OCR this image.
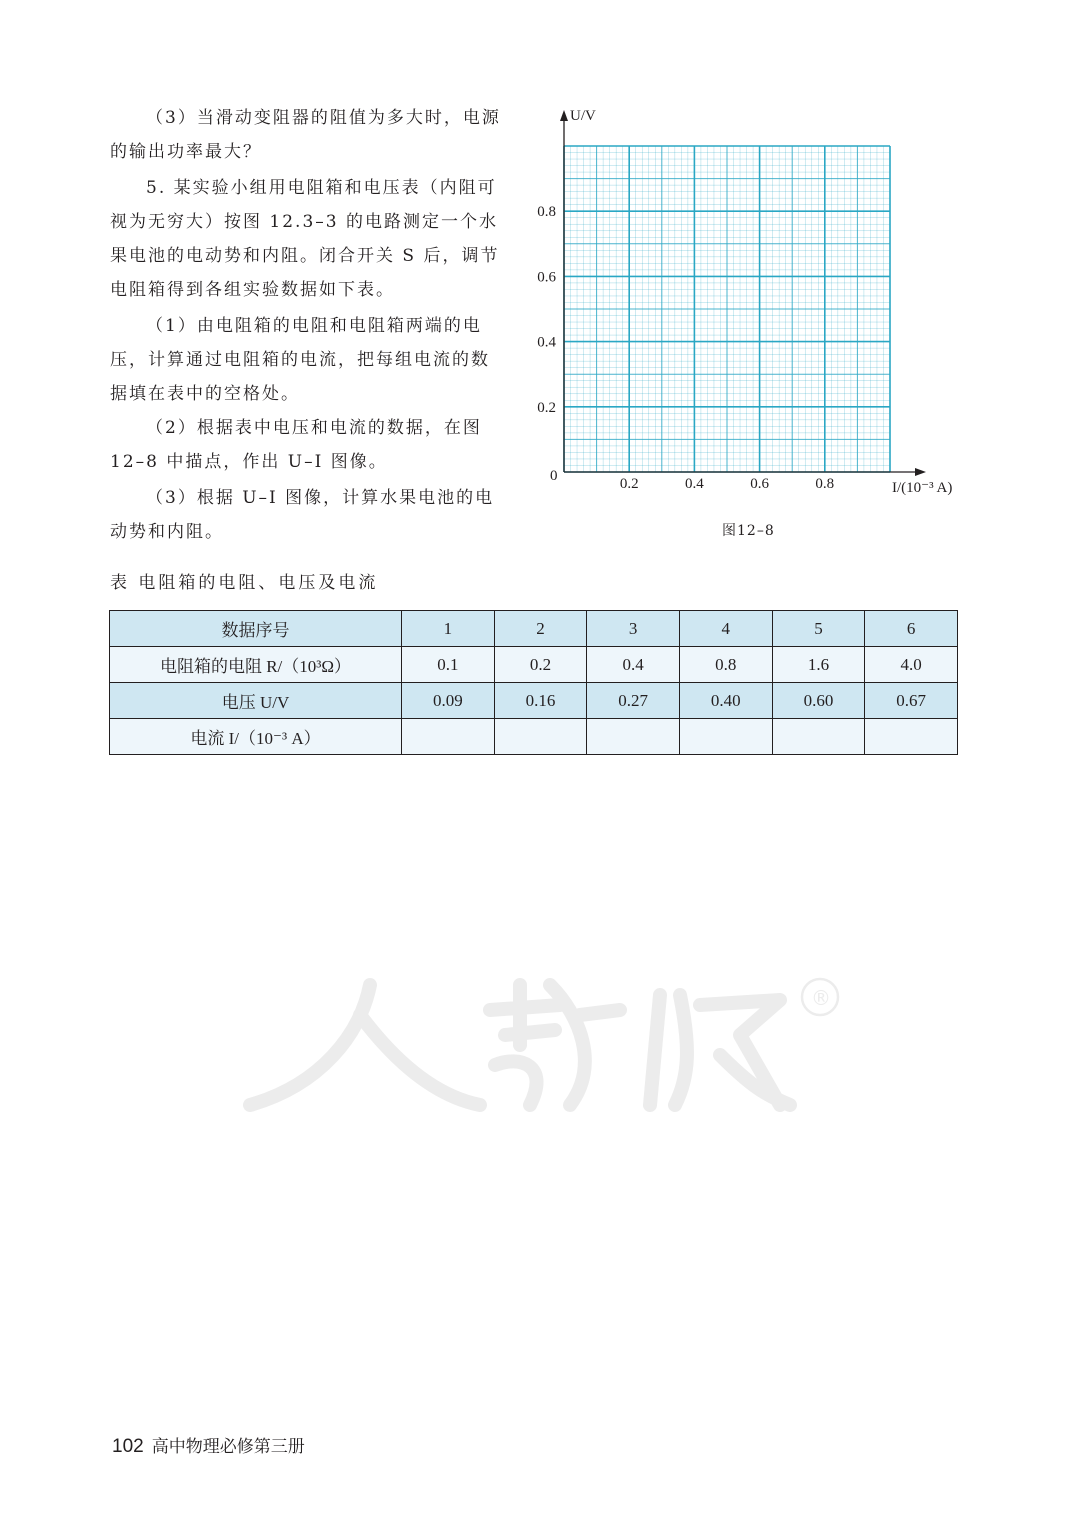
（3）当滑动变阻器的阻值为多大时，电源的输出功率最大？

5. 某实验小组用电阻箱和电压表（内阻可视为无穷大）按图 12.3–3 的电路测定一个水果电池的电动势和内阻。闭合开关 S 后，调节电阻箱得到各组实验数据如下表。

（1）由电阻箱的电阻和电阻箱两端的电压，计算通过电阻箱的电流，把每组电流的数据填在表中的空格处。

（2）根据表中电压和电流的数据，在图 12–8 中描点，作出 U–I 图像。

（3）根据 U–I 图像，计算水果电池的电动势和内阻。

U/V
I/(10⁻³ A)
0
0.2
0.4
0.6
0.8
0.2	0.4	0.6	0.8
图12–8
表 电阻箱的电阻、电压及电流
数据序号	1	2	3	4	5	6
电阻箱的电阻 R/（10³Ω）	0.1	0.2	0.4	0.8	1.6	4.0
电压 U/V	0.09	0.16	0.27	0.40	0.60	0.67
电流 I/（10⁻³ A）						
®
102 高中物理必修第三册
